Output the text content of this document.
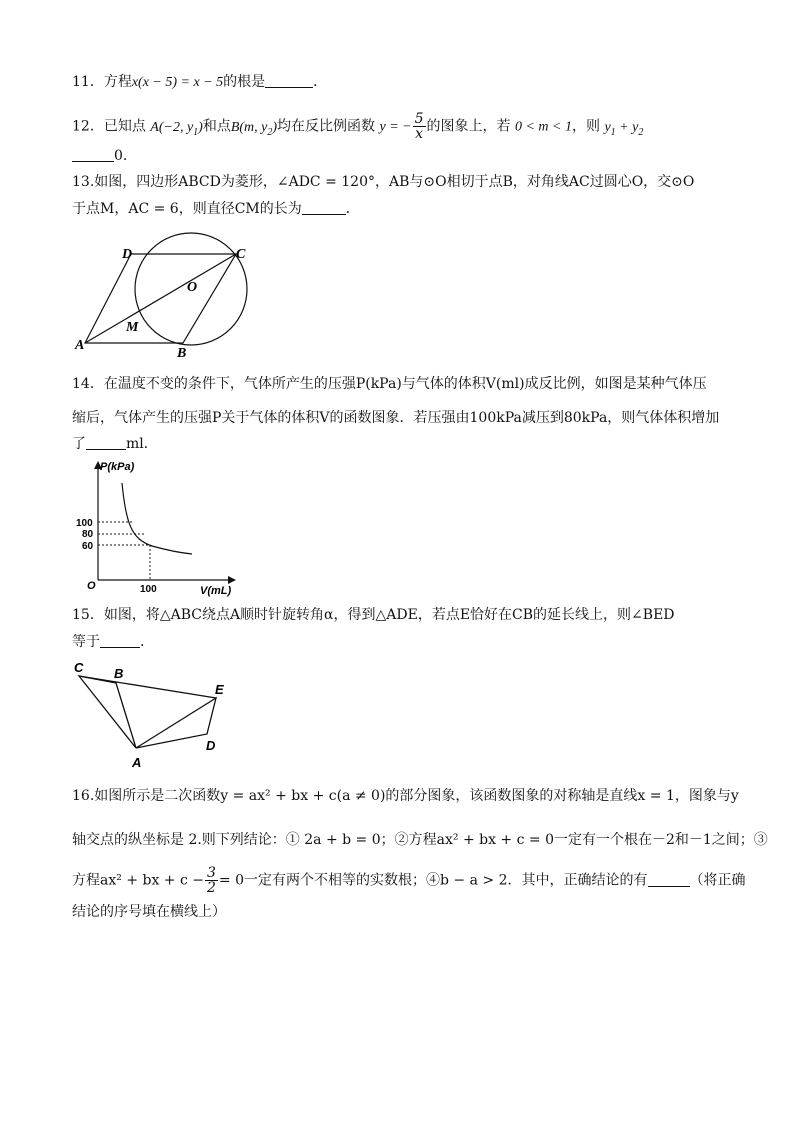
11．方程x(x − 5) = x − 5的根是	．
12．已知点 A(−2, $y_1$)和点B(m, $y_2$)均在反比例函数 y = − $\frac{5}{x}$ 的图象上，若 0 < m < 1，则 $y_1 + y_2$
0．
13.如图，四边形ABCD为菱形，∠ADC = 120°，AB与⊙O相切于点B，对角线AC过圆心O，交⊙O
于点M，AC = 6，则直径CM的长为	．
D	C
O
M
A
B
14．在温度不变的条件下，气体所产生的压强P(kPa)与气体的体积V(ml)成反比例，如图是某种气体压
缩后，气体产生的压强P关于气体的体积V的函数图象．若压强由100kPa减压到80kPa，则气体体积增加
了	ml．
P(kPa)
V(mL)
O
100
80
60
100
15．如图，将△ABC绕点A顺时针旋转角α，得到△ADE，若点E恰好在CB的延长线上，则∠BED
等于	．
C B
E
D
A
16.如图所示是二次函数y = ax² + bx + c(a ≠ 0)的部分图象，该函数图象的对称轴是直线x = 1，图象与y
轴交点的纵坐标是 2.则下列结论：① 2a + b = 0；②方程ax² + bx + c = 0一定有一个根在－2和－1之间；③
方程ax² + bx + $c - \frac{3}{2} = 0$一定有两个不相等的实数根；④b − a > 2．其中，正确结论的有	（将正确
结论的序号填在横线上）
